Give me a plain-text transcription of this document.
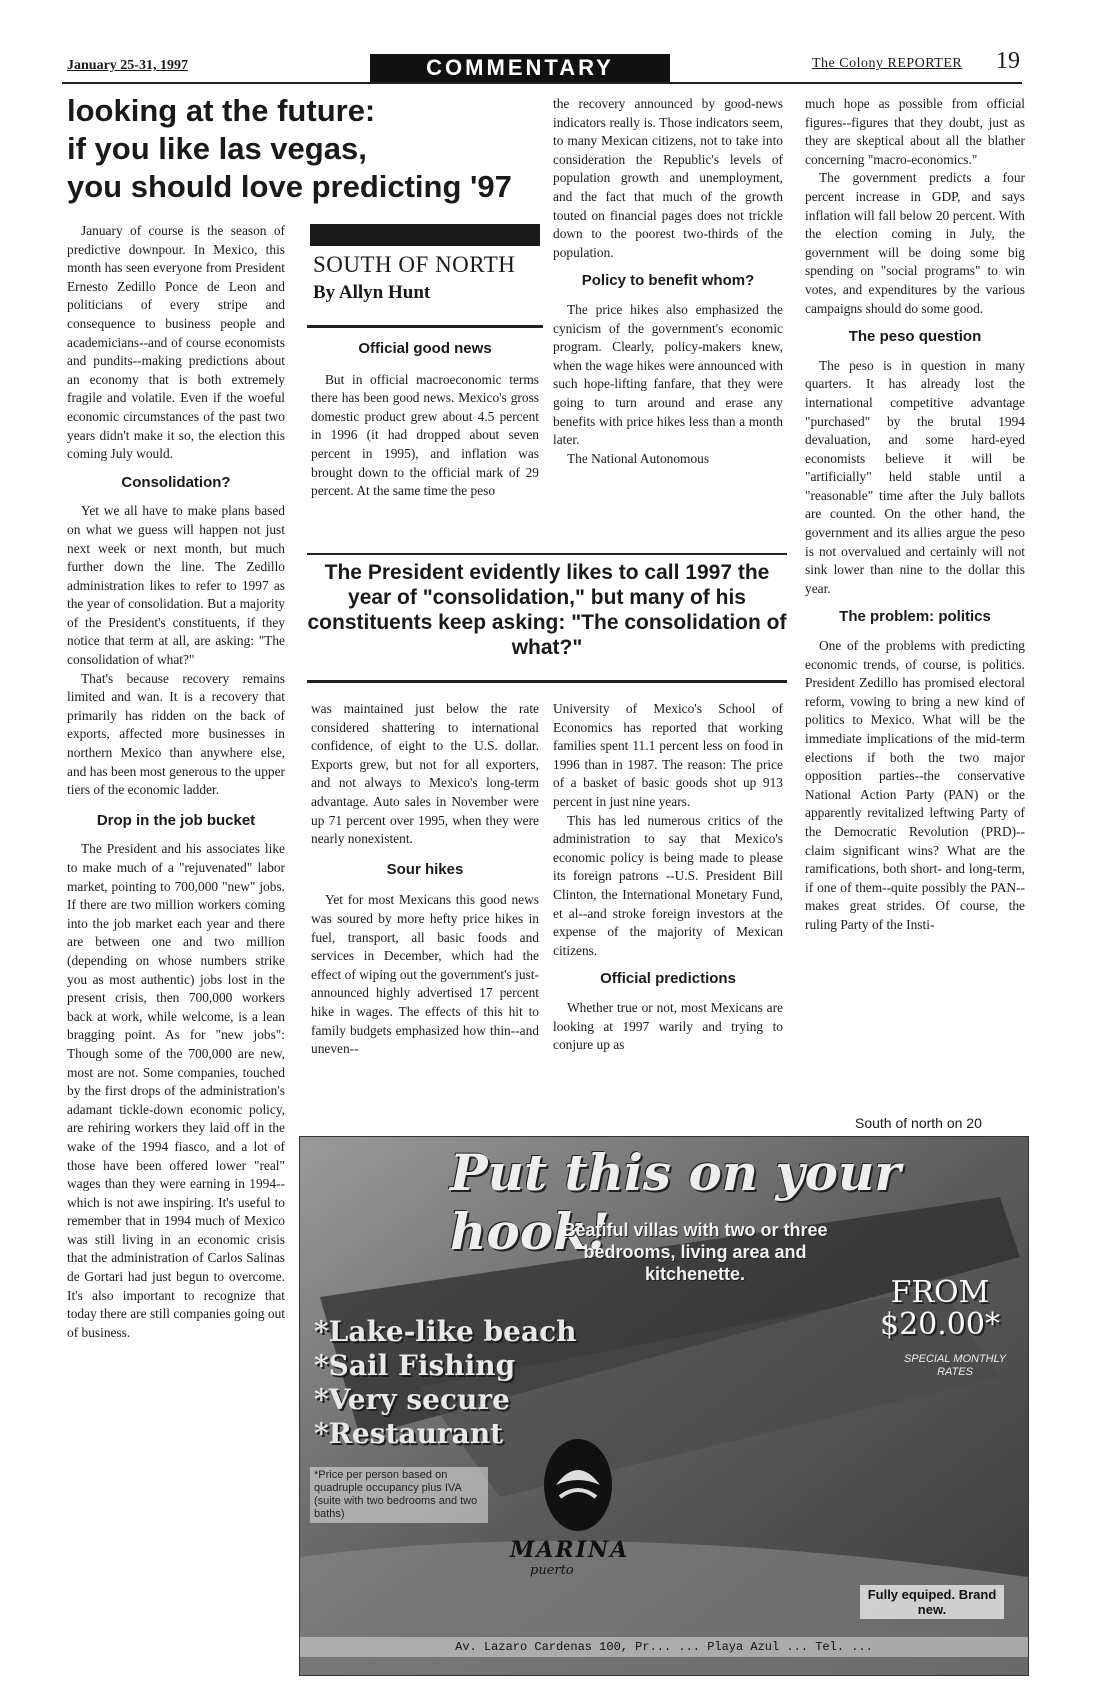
January 25-31, 1997	COMMENTARY	The Colony REPORTER 19
looking at the future:
if you like las vegas,
you should love predicting '97

January of course is the season of predictive downpour. In Mexico, this month has seen everyone from President Ernesto Zedillo Ponce de Leon and politicians of every stripe and consequence to business people and academicians--and of course economists and pundits--making predictions about an economy that is both extremely fragile and volatile. Even if the woeful economic circumstances of the past two years didn't make it so, the election this coming July would.

Consolidation?

Yet we all have to make plans based on what we guess will happen not just next week or next month, but much further down the line. The Zedillo administration likes to refer to 1997 as the year of consolidation. But a majority of the President's constituents, if they notice that term at all, are asking: "The consolidation of what?"

That's because recovery remains limited and wan. It is a recovery that primarily has ridden on the back of exports, affected more businesses in northern Mexico than anywhere else, and has been most generous to the upper tiers of the economic ladder.

Drop in the job bucket

The President and his associates like to make much of a "rejuvenated" labor market, pointing to 700,000 "new" jobs. If there are two million workers coming into the job market each year and there are between one and two million (depending on whose numbers strike you as most authentic) jobs lost in the present crisis, then 700,000 workers back at work, while welcome, is a lean bragging point. As for "new jobs": Though some of the 700,000 are new, most are not. Some companies, touched by the first drops of the administration's adamant tickle-down economic policy, are rehiring workers they laid off in the wake of the 1994 fiasco, and a lot of those have been offered lower "real" wages than they were earning in 1994--which is not awe inspiring. It's useful to remember that in 1994 much of Mexico was still living in an economic crisis that the administration of Carlos Salinas de Gortari had just begun to overcome. It's also important to recognize that today there are still companies going out of business.

SOUTH OF NORTH
By Allyn Hunt
Official good news

But in official macroeconomic terms there has been good news. Mexico's gross domestic product grew about 4.5 percent in 1996 (it had dropped about seven percent in 1995), and inflation was brought down to the official mark of 29 percent. At the same time the peso

the recovery announced by good-news indicators really is. Those indicators seem, to many Mexican citizens, not to take into consideration the Republic's levels of population growth and unemployment, and the fact that much of the growth touted on financial pages does not trickle down to the poorest two-thirds of the population.

Policy to benefit whom?

The price hikes also emphasized the cynicism of the government's economic program. Clearly, policy-makers knew, when the wage hikes were announced with such hope-lifting fanfare, that they were going to turn around and erase any benefits with price hikes less than a month later.

The National Autonomous

The President evidently likes to call 1997 the year of "consolidation," but many of his constituents keep asking: "The consolidation of what?"

was maintained just below the rate considered shattering to international confidence, of eight to the U.S. dollar. Exports grew, but not for all exporters, and not always to Mexico's long-term advantage. Auto sales in November were up 71 percent over 1995, when they were nearly nonexistent.

Sour hikes

Yet for most Mexicans this good news was soured by more hefty price hikes in fuel, transport, all basic foods and services in December, which had the effect of wiping out the government's just-announced highly advertised 17 percent hike in wages. The effects of this hit to family budgets emphasized how thin--and uneven--

University of Mexico's School of Economics has reported that working families spent 11.1 percent less on food in 1996 than in 1987. The reason: The price of a basket of basic goods shot up 913 percent in just nine years.

This has led numerous critics of the administration to say that Mexico's economic policy is being made to please its foreign patrons --U.S. President Bill Clinton, the International Monetary Fund, et al--and stroke foreign investors at the expense of the majority of Mexican citizens.

Official predictions

Whether true or not, most Mexicans are looking at 1997 warily and trying to conjure up as

much hope as possible from official figures--figures that they doubt, just as they are skeptical about all the blather concerning "macro-economics."

The government predicts a four percent increase in GDP, and says inflation will fall below 20 percent. With the election coming in July, the government will be doing some big spending on "social programs" to win votes, and expenditures by the various campaigns should do some good.

The peso question

The peso is in question in many quarters. It has already lost the international competitive advantage "purchased" by the brutal 1994 devaluation, and some hard-eyed economists believe it will be "artificially" held stable until a "reasonable" time after the July ballots are counted. On the other hand, the government and its allies argue the peso is not overvalued and certainly will not sink lower than nine to the dollar this year.

The problem: politics

One of the problems with predicting economic trends, of course, is politics. President Zedillo has promised electoral reform, vowing to bring a new kind of politics to Mexico. What will be the immediate implications of the mid-term elections if both the two major opposition parties--the conservative National Action Party (PAN) or the apparently revitalized leftwing Party of the Democratic Revolution (PRD)--claim significant wins? What are the ramifications, both short- and long-term, if one of them--quite possibly the PAN--makes great strides. Of course, the ruling Party of the Insti-

South of north on 20
Put this on your hook!
Beatiful villas with two or three bedrooms, living area and kitchenette.
FROM
$20.00*
SPECIAL MONTHLY RATES
*Lake-like beach
*Sail Fishing
*Very secure
*Restaurant
*Price per person based on quadruple occupancy plus IVA (suite with two bedrooms and two baths)
MARINA
puerto
Fully equiped. Brand new.
Av. Lazaro Cardenas 100, Pr... ... Playa Azul ... Tel. ...
